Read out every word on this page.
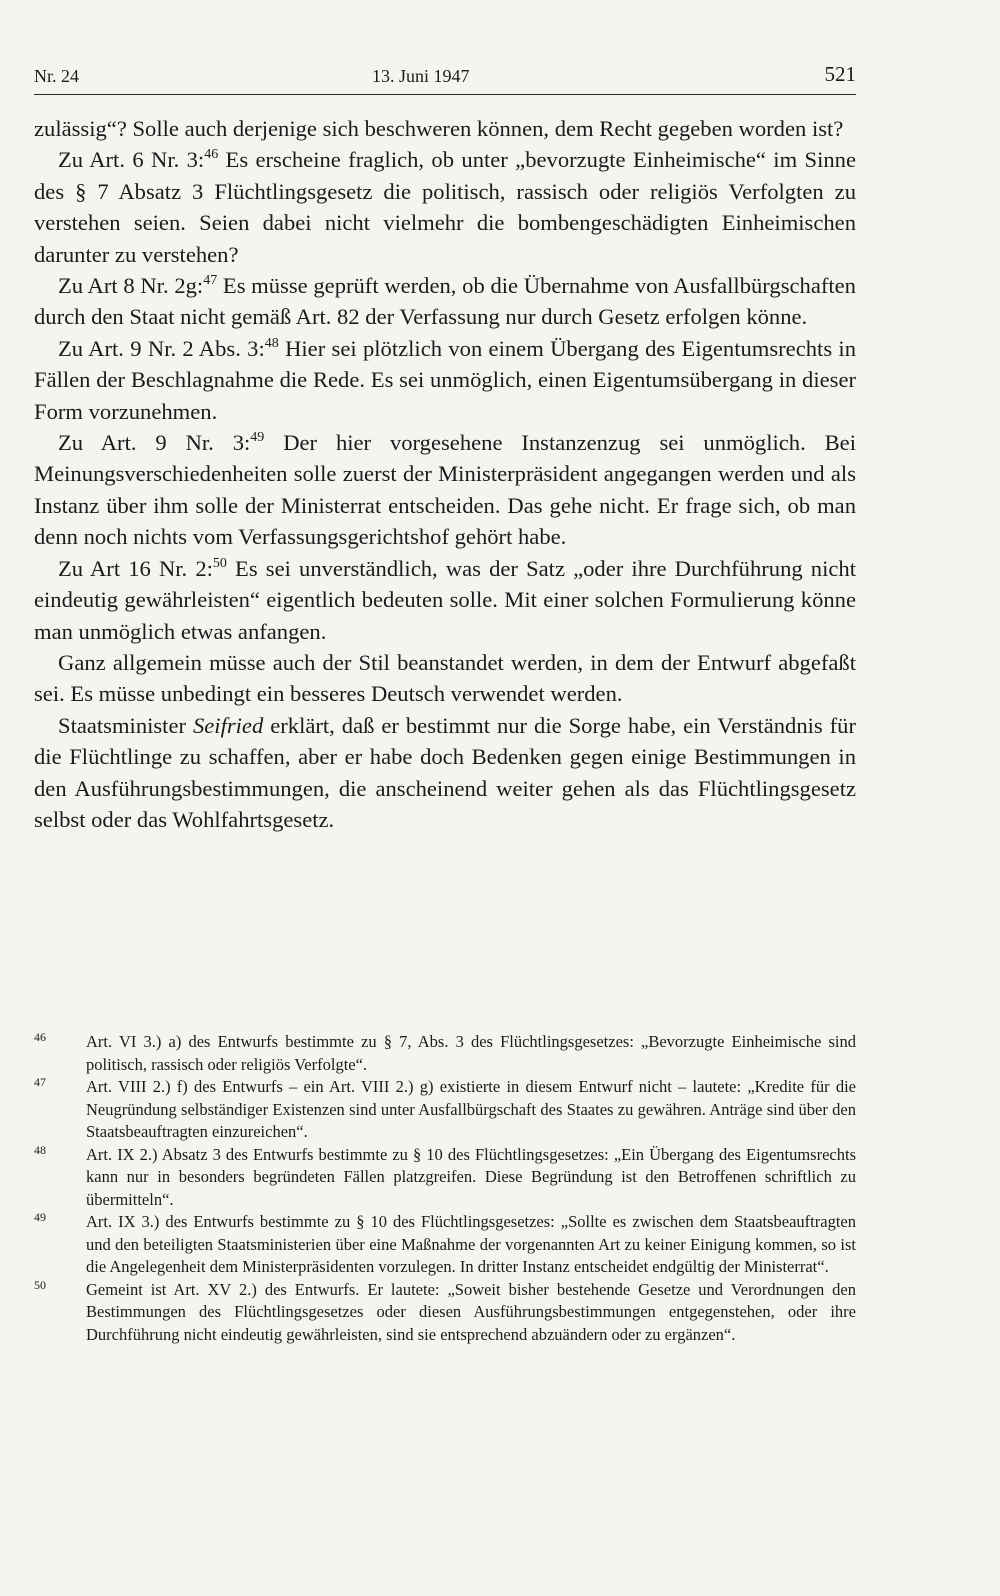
Nr. 24	13. Juni 1947	521

zulässig“? Solle auch derjenige sich beschweren können, dem Recht gegeben worden ist?

Zu Art. 6 Nr. 3:$^{46}$ Es erscheine fraglich, ob unter „bevorzugte Einheimische“ im Sinne des § 7 Absatz 3 Flüchtlingsgesetz die politisch, rassisch oder religiös Verfolgten zu verstehen seien. Seien dabei nicht vielmehr die bombengeschädigten Einheimischen darunter zu verstehen?

Zu Art 8 Nr. 2g:$^{47}$ Es müsse geprüft werden, ob die Übernahme von Ausfallbürgschaften durch den Staat nicht gemäß Art. 82 der Verfassung nur durch Gesetz erfolgen könne.

Zu Art. 9 Nr. 2 Abs. 3:$^{48}$ Hier sei plötzlich von einem Übergang des Eigentumsrechts in Fällen der Beschlagnahme die Rede. Es sei unmöglich, einen Eigentumsübergang in dieser Form vorzunehmen.

Zu Art. 9 Nr. 3:$^{49}$ Der hier vorgesehene Instanzenzug sei unmöglich. Bei Meinungsverschiedenheiten solle zuerst der Ministerpräsident angegangen werden und als Instanz über ihm solle der Ministerrat entscheiden. Das gehe nicht. Er frage sich, ob man denn noch nichts vom Verfassungsgerichtshof gehört habe.

Zu Art 16 Nr. 2:$^{50}$ Es sei unverständlich, was der Satz „oder ihre Durchführung nicht eindeutig gewährleisten“ eigentlich bedeuten solle. Mit einer solchen Formulierung könne man unmöglich etwas anfangen.

Ganz allgemein müsse auch der Stil beanstandet werden, in dem der Entwurf abgefaßt sei. Es müsse unbedingt ein besseres Deutsch verwendet werden.

Staatsminister Seifried erklärt, daß er bestimmt nur die Sorge habe, ein Verständnis für die Flüchtlinge zu schaffen, aber er habe doch Bedenken gegen einige Bestimmungen in den Ausführungsbestimmungen, die anscheinend weiter gehen als das Flüchtlingsgesetz selbst oder das Wohlfahrtsgesetz.

46 Art. VI 3.) a) des Entwurfs bestimmte zu § 7, Abs. 3 des Flüchtlingsgesetzes: „Bevorzugte Einheimische sind politisch, rassisch oder religiös Verfolgte“.

47 Art. VIII 2.) f) des Entwurfs – ein Art. VIII 2.) g) existierte in diesem Entwurf nicht – lautete: „Kredite für die Neugründung selbständiger Existenzen sind unter Ausfallbürgschaft des Staates zu gewähren. Anträge sind über den Staatsbeauftragten einzureichen“.

48 Art. IX 2.) Absatz 3 des Entwurfs bestimmte zu § 10 des Flüchtlingsgesetzes: „Ein Übergang des Eigentumsrechts kann nur in besonders begründeten Fällen platzgreifen. Diese Begründung ist den Betroffenen schriftlich zu übermitteln“.

49 Art. IX 3.) des Entwurfs bestimmte zu § 10 des Flüchtlingsgesetzes: „Sollte es zwischen dem Staatsbeauftragten und den beteiligten Staatsministerien über eine Maßnahme der vorgenannten Art zu keiner Einigung kommen, so ist die Angelegenheit dem Ministerpräsidenten vorzulegen. In dritter Instanz entscheidet endgültig der Ministerrat“.

50 Gemeint ist Art. XV 2.) des Entwurfs. Er lautete: „Soweit bisher bestehende Gesetze und Verordnungen den Bestimmungen des Flüchtlingsgesetzes oder diesen Ausführungsbestimmungen entgegenstehen, oder ihre Durchführung nicht eindeutig gewährleisten, sind sie entsprechend abzuändern oder zu ergänzen“.
